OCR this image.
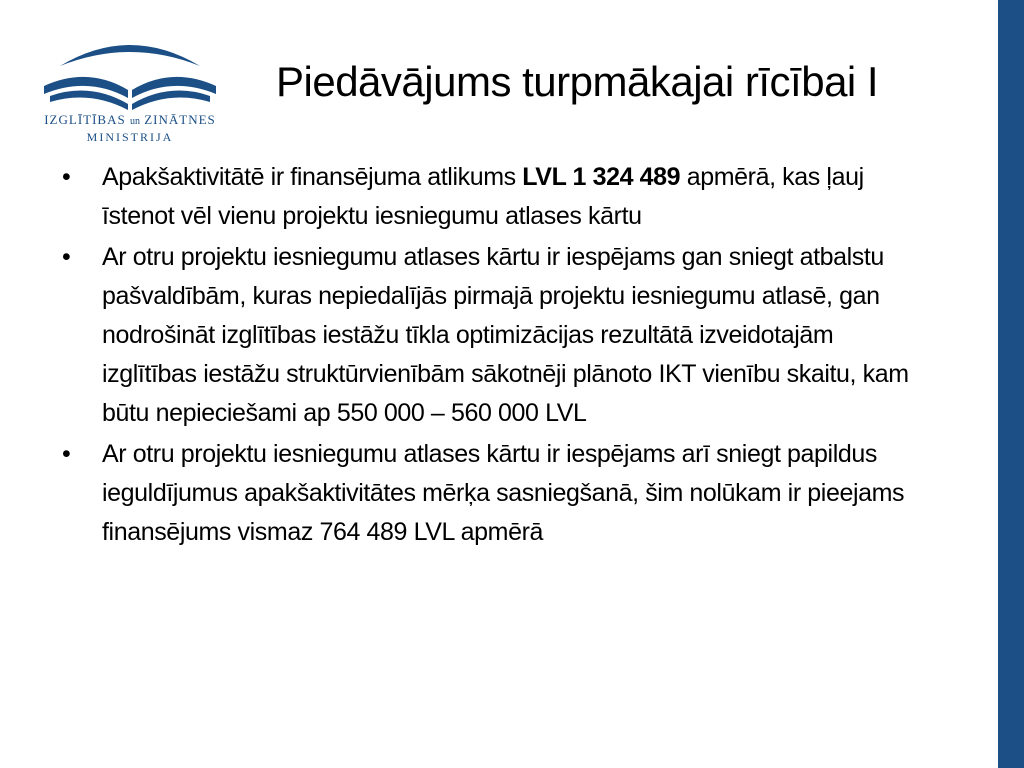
IZGLĪTĪBAS un ZINĀTNES
MINISTRIJA
Piedāvājums turpmākajai rīcībai I
• Apakšaktivitātē ir finansējuma atlikums LVL 1 324 489 apmērā, kas ļauj īstenot vēl vienu projektu iesniegumu atlases kārtu
• Ar otru projektu iesniegumu atlases kārtu ir iespējams gan sniegt atbalstu pašvaldībām, kuras nepiedalījās pirmajā projektu iesniegumu atlasē, gan nodrošināt izglītības iestāžu tīkla optimizācijas rezultātā izveidotajām izglītības iestāžu struktūrvienībām sākotnēji plānoto IKT vienību skaitu, kam būtu nepieciešami ap 550 000 – 560 000 LVL
• Ar otru projektu iesniegumu atlases kārtu ir iespējams arī sniegt papildus ieguldījumus apakšaktivitātes mērķa sasniegšanā, šim nolūkam ir pieejams finansējums vismaz 764 489 LVL apmērā
